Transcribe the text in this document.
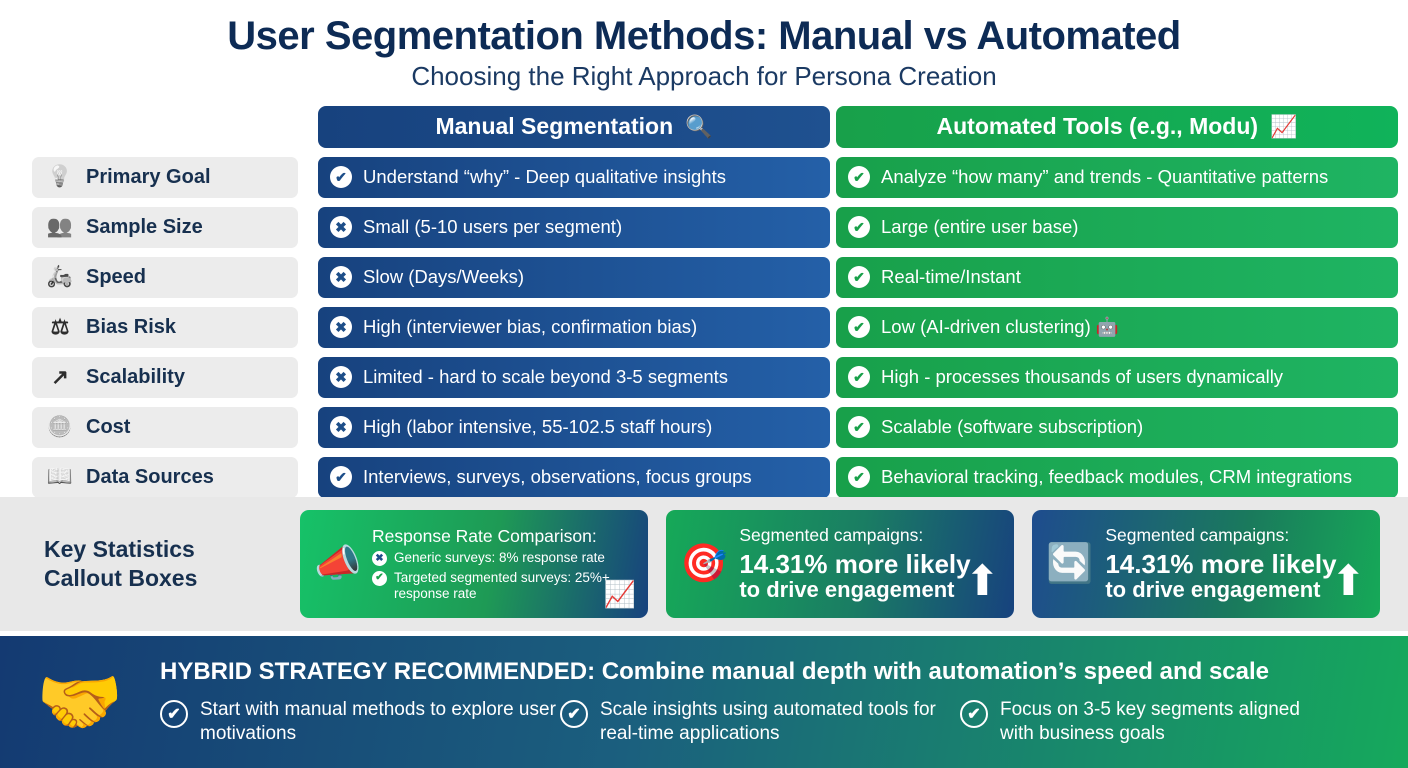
User Segmentation Methods: Manual vs Automated
Choosing the Right Approach for Persona Creation
Manual Segmentation 🔍	Automated Tools (e.g., Modu) 📈
💡 Primary Goal	✔ Understand “why” - Deep qualitative insights	✔ Analyze “how many” and trends - Quantitative patterns
👥 Sample Size	✖ Small (5-10 users per segment)	✔ Large (entire user base)
🛵 Speed	✖ Slow (Days/Weeks)	✔ Real-time/Instant
⚖ Bias Risk	✖ High (interviewer bias, confirmation bias)	✔ Low (AI-driven clustering) 🤖
↗ Scalability	✖ Limited - hard to scale beyond 3-5 segments	✔ High - processes thousands of users dynamically
🪙 Cost	✖ High (labor intensive, 55-102.5 staff hours)	✔ Scalable (software subscription)
📖 Data Sources	✔ Interviews, surveys, observations, focus groups	✔ Behavioral tracking, feedback modules, CRM integrations
Key Statistics
Callout Boxes	📣
Response Rate Comparison:
✖ Generic surveys: 8% response rate
✔ Targeted segmented surveys: 25%+ response rate	📈
🎯
Segmented campaigns:
14.31% more likely
to drive engagement ⬆ 🔄
Segmented campaigns:
14.31% more likely
to drive engagement ⬆
🤝	HYBRID STRATEGY RECOMMENDED: Combine manual depth with automation’s speed and scale
✔	Start with manual methods to explore user motivations
✔	Scale insights using automated tools for real-time applications
✔	Focus on 3-5 key segments aligned with business goals
